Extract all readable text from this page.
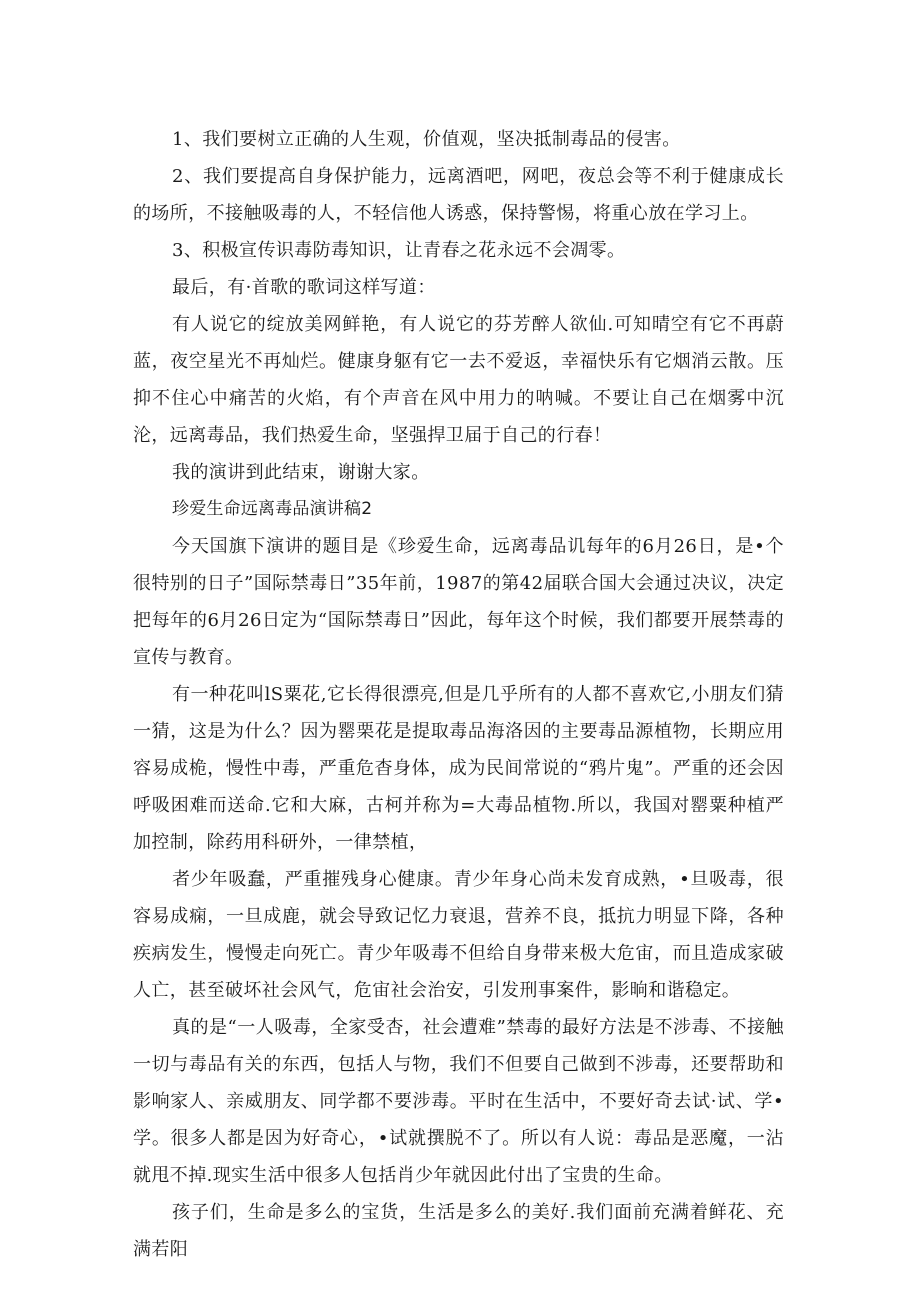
1、我们要树立正确的人生观，价值观，坚决抵制毒品的侵害。

2、我们要提高自身保护能力，远离酒吧，网吧，夜总会等不利于健康成长的场所，不接触吸毒的人，不轻信他人诱惑，保持警惕，将重心放在学习上。

3、积极宣传识毒防毒知识，让青春之花永远不会凋零。

最后，有·首歌的歌词这样写道：

有人说它的绽放美网鲜艳，有人说它的芬芳醉人欲仙.可知晴空有它不再蔚蓝，夜空星光不再灿烂。健康身躯有它一去不爱返，幸福快乐有它烟消云散。压抑不住心中痛苦的火焰，有个声音在风中用力的呐喊。不要让自己在烟雾中沉沦，远离毒品，我们热爱生命，坚强捍卫届于自己的行春！

我的演讲到此结束，谢谢大家。

珍爱生命远离毒品演讲稿2

今天国旗下演讲的题目是《珍爱生命，远离毒品讥每年的6月26日，是•个很特别的日子”国际禁毒日”35年前，1987的第42届联合国大会通过决议，决定把每年的6月26日定为“国际禁毒日”因此，每年这个时候，我们都要开展禁毒的宣传与教育。

有一种花叫lS粟花,它长得很漂亮,但是几乎所有的人都不喜欢它,小朋友们猜一猜，这是为什么？因为罂栗花是提取毒品海洛因的主要毒品源植物，长期应用容易成桅，慢性中毒，严重危杳身体，成为民间常说的“鸦片鬼”。严重的还会因呼吸困难而送命.它和大麻，古柯并称为=大毒品植物.所以，我国对罂粟种植严加控制，除药用科研外，一律禁植，

者少年吸蠢，严重摧残身心健康。青少年身心尚未发育成熟，•旦吸毒，很容易成痫，一旦成鹿，就会导致记忆力衰退，营养不良，抵抗力明显下降，各种疾病发生，慢慢走向死亡。青少年吸毒不但给自身带来极大危宙，而且造成家破人亡，甚至破坏社会风气，危宙社会治安，引发刑事案件，影晌和谐稳定。

真的是“一人吸毒，全家受杏，社会遭难”禁毒的最好方法是不涉毒、不接触一切与毒品有关的东西，包括人与物，我们不但要自己做到不涉毒，还要帮助和影响家人、亲威朋友、同学都不要涉毒。平时在生活中，不要好奇去试·试、学•学。很多人都是因为好奇心，•试就撰脱不了。所以有人说：毒品是恶魔，一沾就甩不掉.现实生活中很多人包括肖少年就因此付出了宝贵的生命。

孩子们，生命是多么的宝货，生活是多么的美好.我们面前充满着鲜花、充满若阳
